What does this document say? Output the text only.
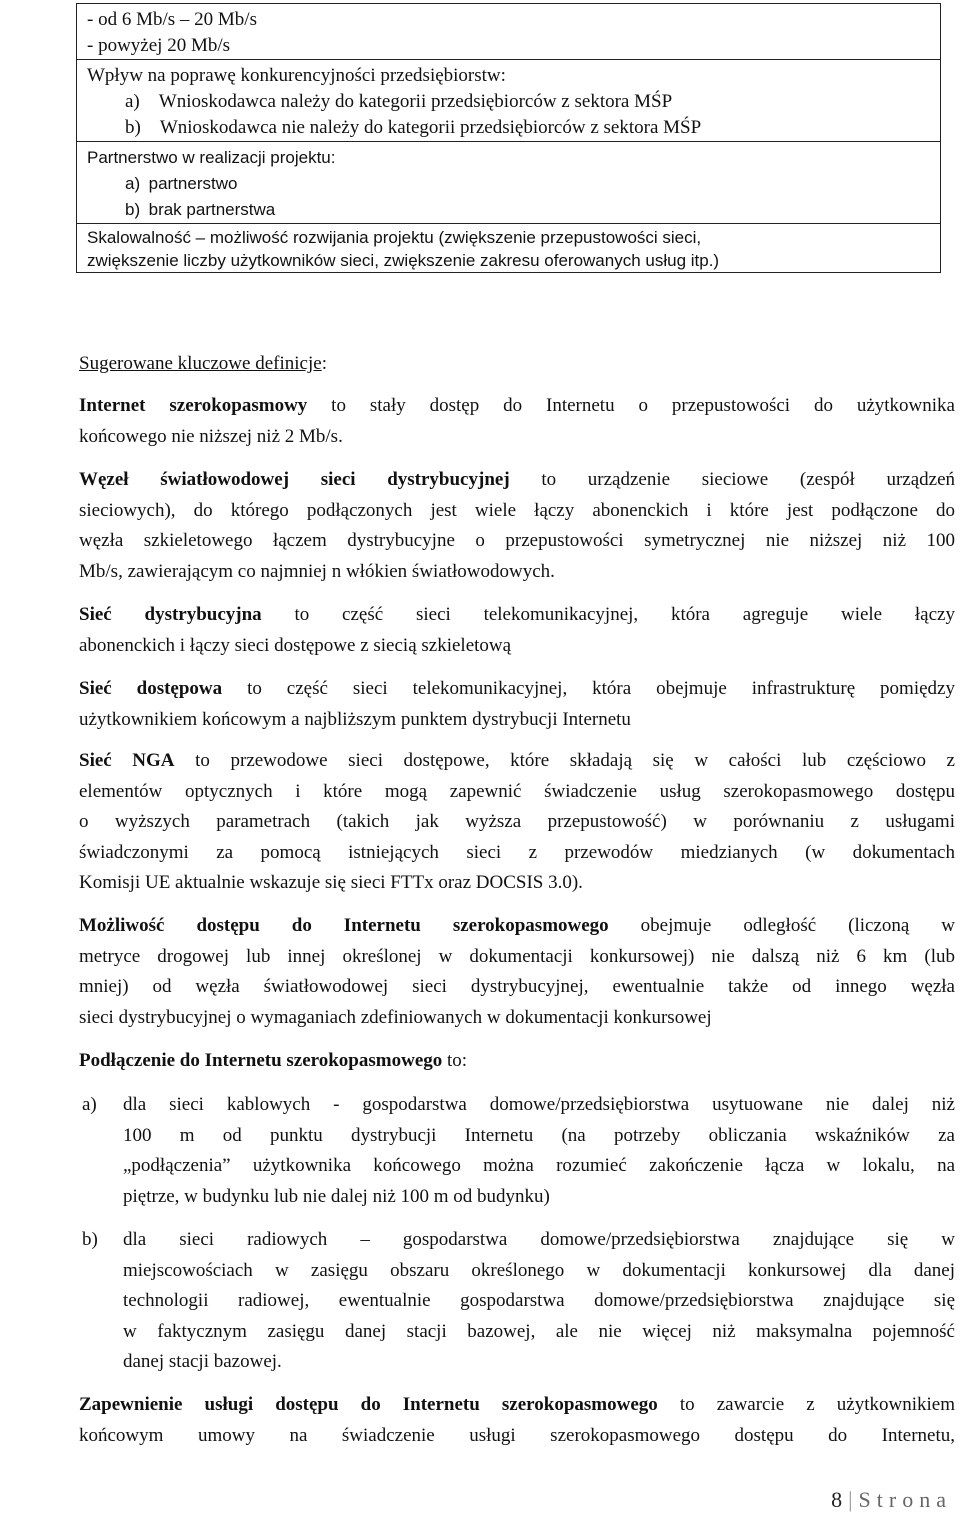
- od 6 Mb/s – 20 Mb/s
- powyżej 20 Mb/s
Wpływ na poprawę konkurencyjności przedsiębiorstw:
a) Wnioskodawca należy do kategorii przedsiębiorców z sektora MŚP
b) Wnioskodawca nie należy do kategorii przedsiębiorców z sektora MŚP
Partnerstwo w realizacji projektu:
a) partnerstwo
b) brak partnerstwa
Skalowalność – możliwość rozwijania projektu (zwiększenie przepustowości sieci,
zwiększenie liczby użytkowników sieci, zwiększenie zakresu oferowanych usług itp.)
Sugerowane kluczowe definicje:
Internet szerokopasmowy to stały dostęp do Internetu o przepustowości do użytkownika
końcowego nie niższej niż 2 Mb/s.
Węzeł światłowodowej sieci dystrybucyjnej to urządzenie sieciowe (zespół urządzeń
sieciowych), do którego podłączonych jest wiele łączy abonenckich i które jest podłączone do
węzła szkieletowego łączem dystrybucyjne o przepustowości symetrycznej nie niższej niż 100
Mb/s, zawierającym co najmniej n włókien światłowodowych.
Sieć dystrybucyjna to część sieci telekomunikacyjnej, która agreguje wiele łączy
abonenckich i łączy sieci dostępowe z siecią szkieletową
Sieć dostępowa to część sieci telekomunikacyjnej, która obejmuje infrastrukturę pomiędzy
użytkownikiem końcowym a najbliższym punktem dystrybucji Internetu
Sieć NGA to przewodowe sieci dostępowe, które składają się w całości lub częściowo z
elementów optycznych i które mogą zapewnić świadczenie usług szerokopasmowego dostępu
o wyższych parametrach (takich jak wyższa przepustowość) w porównaniu z usługami
świadczonymi za pomocą istniejących sieci z przewodów miedzianych (w dokumentach
Komisji UE aktualnie wskazuje się sieci FTTx oraz DOCSIS 3.0).
Możliwość dostępu do Internetu szerokopasmowego obejmuje odległość (liczoną w
metryce drogowej lub innej określonej w dokumentacji konkursowej) nie dalszą niż 6 km (lub
mniej) od węzła światłowodowej sieci dystrybucyjnej, ewentualnie także od innego węzła
sieci dystrybucyjnej o wymaganiach zdefiniowanych w dokumentacji konkursowej
Podłączenie do Internetu szerokopasmowego to:
a) dla sieci kablowych - gospodarstwa domowe/przedsiębiorstwa usytuowane nie dalej niż
100 m od punktu dystrybucji Internetu (na potrzeby obliczania wskaźników za
„podłączenia” użytkownika końcowego można rozumieć zakończenie łącza w lokalu, na
piętrze, w budynku lub nie dalej niż 100 m od budynku)
b) dla sieci radiowych – gospodarstwa domowe/przedsiębiorstwa znajdujące się w
miejscowościach w zasięgu obszaru określonego w dokumentacji konkursowej dla danej
technologii radiowej, ewentualnie gospodarstwa domowe/przedsiębiorstwa znajdujące się
w faktycznym zasięgu danej stacji bazowej, ale nie więcej niż maksymalna pojemność
danej stacji bazowej.
Zapewnienie usługi dostępu do Internetu szerokopasmowego to zawarcie z użytkownikiem
końcowym umowy na świadczenie usługi szerokopasmowego dostępu do Internetu,
8 | Strona
